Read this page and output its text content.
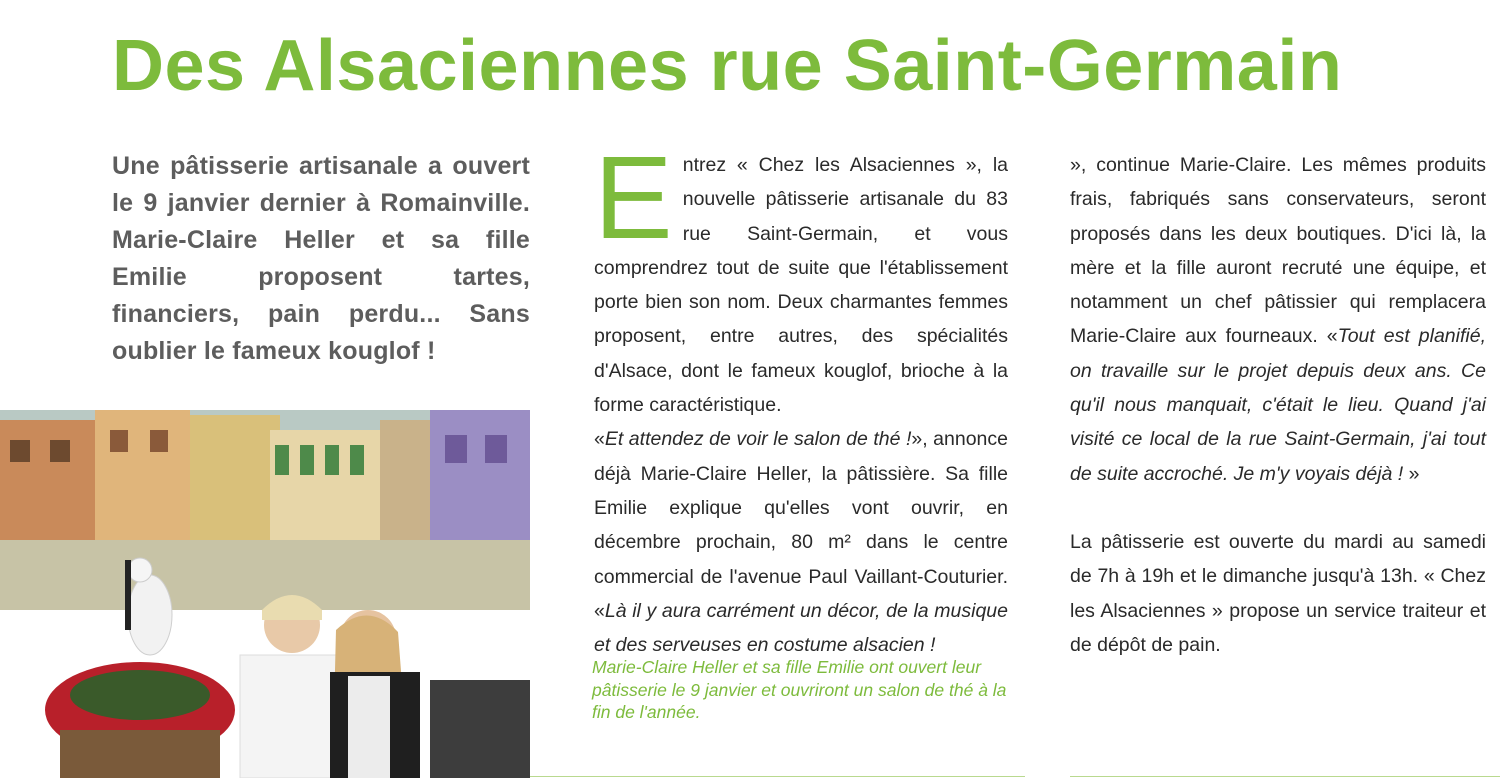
Des Alsaciennes rue Saint-Germain

Une pâtisserie artisanale a ouvert le 9 janvier dernier à Romainville. Marie-Claire Heller et sa fille Emilie proposent tartes, financiers, pain perdu... Sans oublier le fameux kouglof !

Entrez « Chez les Alsaciennes », la nouvelle pâtisserie artisanale du 83 rue Saint-Germain, et vous comprendrez tout de suite que l'établissement porte bien son nom. Deux charmantes femmes proposent, entre autres, des spécialités d'Alsace, dont le fameux kouglof, brioche à la forme caractéristique.

«Et attendez de voir le salon de thé !», annonce déjà Marie-Claire Heller, la pâtissière. Sa fille Emilie explique qu'elles vont ouvrir, en décembre prochain, 80 m² dans le centre commercial de l'avenue Paul Vaillant-Couturier. «Là il y aura carrément un décor, de la musique et des serveuses en costume alsacien !

Marie-Claire Heller et sa fille Emilie ont ouvert leur pâtisserie le 9 janvier et ouvriront un salon de thé à la fin de l'année.

», continue Marie-Claire. Les mêmes produits frais, fabriqués sans conservateurs, seront proposés dans les deux boutiques. D'ici là, la mère et la fille auront recruté une équipe, et notamment un chef pâtissier qui remplacera Marie-Claire aux fourneaux. «Tout est planifié, on travaille sur le projet depuis deux ans. Ce qu'il nous manquait, c'était le lieu. Quand j'ai visité ce local de la rue Saint-Germain, j'ai tout de suite accroché. Je m'y voyais déjà ! »

La pâtisserie est ouverte du mardi au samedi de 7h à 19h et le dimanche jusqu'à 13h. « Chez les Alsaciennes » propose un service traiteur et de dépôt de pain.
